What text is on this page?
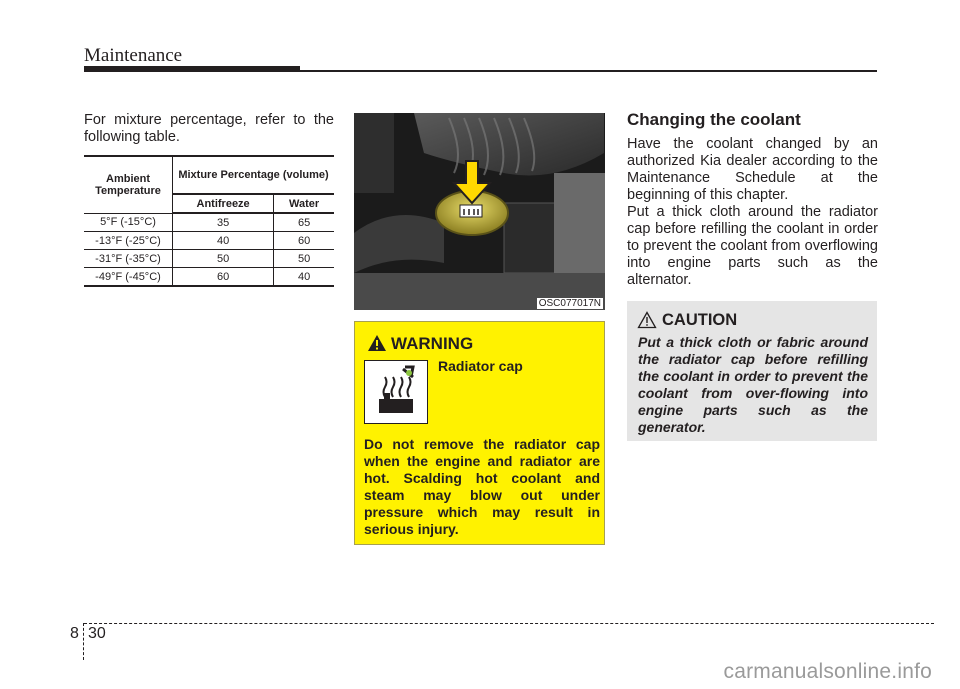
Maintenance
For mixture percentage, refer to the following table.
Ambient Temperature	Mixture Percentage (volume)	
	Antifreeze	Water
5°F (-15°C)	35	65
-13°F (-25°C)	40	60
-31°F (-35°C)	50	50
-49°F (-45°C)	60	40
OSC077017N
WARNING
Radiator cap
Do not remove the radiator cap when the engine and radiator are hot. Scalding hot coolant and steam may blow out under pressure which may result in serious injury.
Changing the coolant

Have the coolant changed by an authorized Kia dealer according to the Maintenance Schedule at the beginning of this chapter.

Put a thick cloth around the radiator cap before refilling the coolant in order to prevent the coolant from overflowing into engine parts such as the alternator.

CAUTION
Put a thick cloth or fabric around the radiator cap before refilling the coolant in order to prevent the coolant from over-flowing into engine parts such as the generator.
8 30
carmanualsonline.info
